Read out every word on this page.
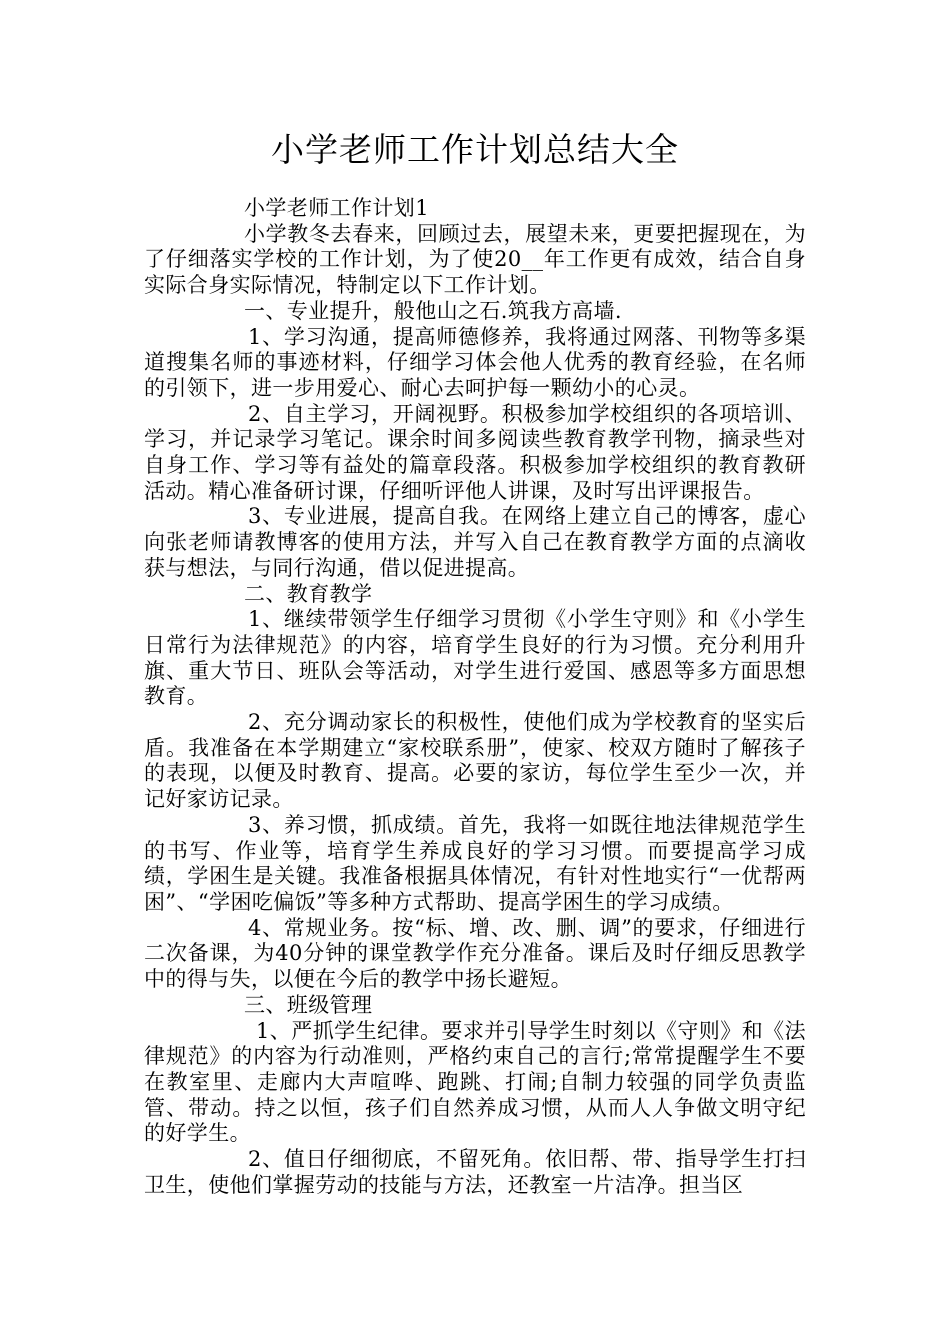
小学老师工作计划总结大全

小学老师工作计划1

小学教冬去春来，回顾过去，展望未来，更要把握现在，为了仔细落实学校的工作计划，为了使20__年工作更有成效，结合自身实际合身实际情况，特制定以下工作计划。

一、专业提升，般他山之石.筑我方高墙.

1、学习沟通，提高师德修养，我将通过网落、刊物等多渠道搜集名师的事迹材料，仔细学习体会他人优秀的教育经验，在名师的引领下，进一步用爱心、耐心去呵护每一颗幼小的心灵。

2、自主学习，开阔视野。积极参加学校组织的各项培训、学习，并记录学习笔记。课余时间多阅读些教育教学刊物，摘录些对自身工作、学习等有益处的篇章段落。积极参加学校组织的教育教研活动。精心准备研讨课，仔细听评他人讲课，及时写出评课报告。

3、专业进展，提高自我。在网络上建立自己的博客，虚心向张老师请教博客的使用方法，并写入自己在教育教学方面的点滴收获与想法，与同行沟通，借以促进提高。

二、教育教学

1、继续带领学生仔细学习贯彻《小学生守则》和《小学生日常行为法律规范》的内容，培育学生良好的行为习惯。充分利用升旗、重大节日、班队会等活动，对学生进行爱国、感恩等多方面思想教育。

2、充分调动家长的积极性，使他们成为学校教育的坚实后盾。我准备在本学期建立“家校联系册”，使家、校双方随时了解孩子的表现，以便及时教育、提高。必要的家访，每位学生至少一次，并记好家访记录。

3、养习惯，抓成绩。首先，我将一如既往地法律规范学生的书写、作业等，培育学生养成良好的学习习惯。而要提高学习成绩，学困生是关键。我准备根据具体情况，有针对性地实行“一优帮两困”、“学困吃偏饭”等多种方式帮助、提高学困生的学习成绩。

4、常规业务。按“标、增、改、删、调”的要求，仔细进行二次备课，为40分钟的课堂教学作充分准备。课后及时仔细反思教学中的得与失，以便在今后的教学中扬长避短。

三、班级管理

1、严抓学生纪律。要求并引导学生时刻以《守则》和《法律规范》的内容为行动准则，严格约束自己的言行;常常提醒学生不要在教室里、走廊内大声喧哗、跑跳、打闹;自制力较强的同学负责监管、带动。持之以恒，孩子们自然养成习惯，从而人人争做文明守纪的好学生。

2、值日仔细彻底，不留死角。依旧帮、带、指导学生打扫卫生，使他们掌握劳动的技能与方法，还教室一片洁净。担当区
